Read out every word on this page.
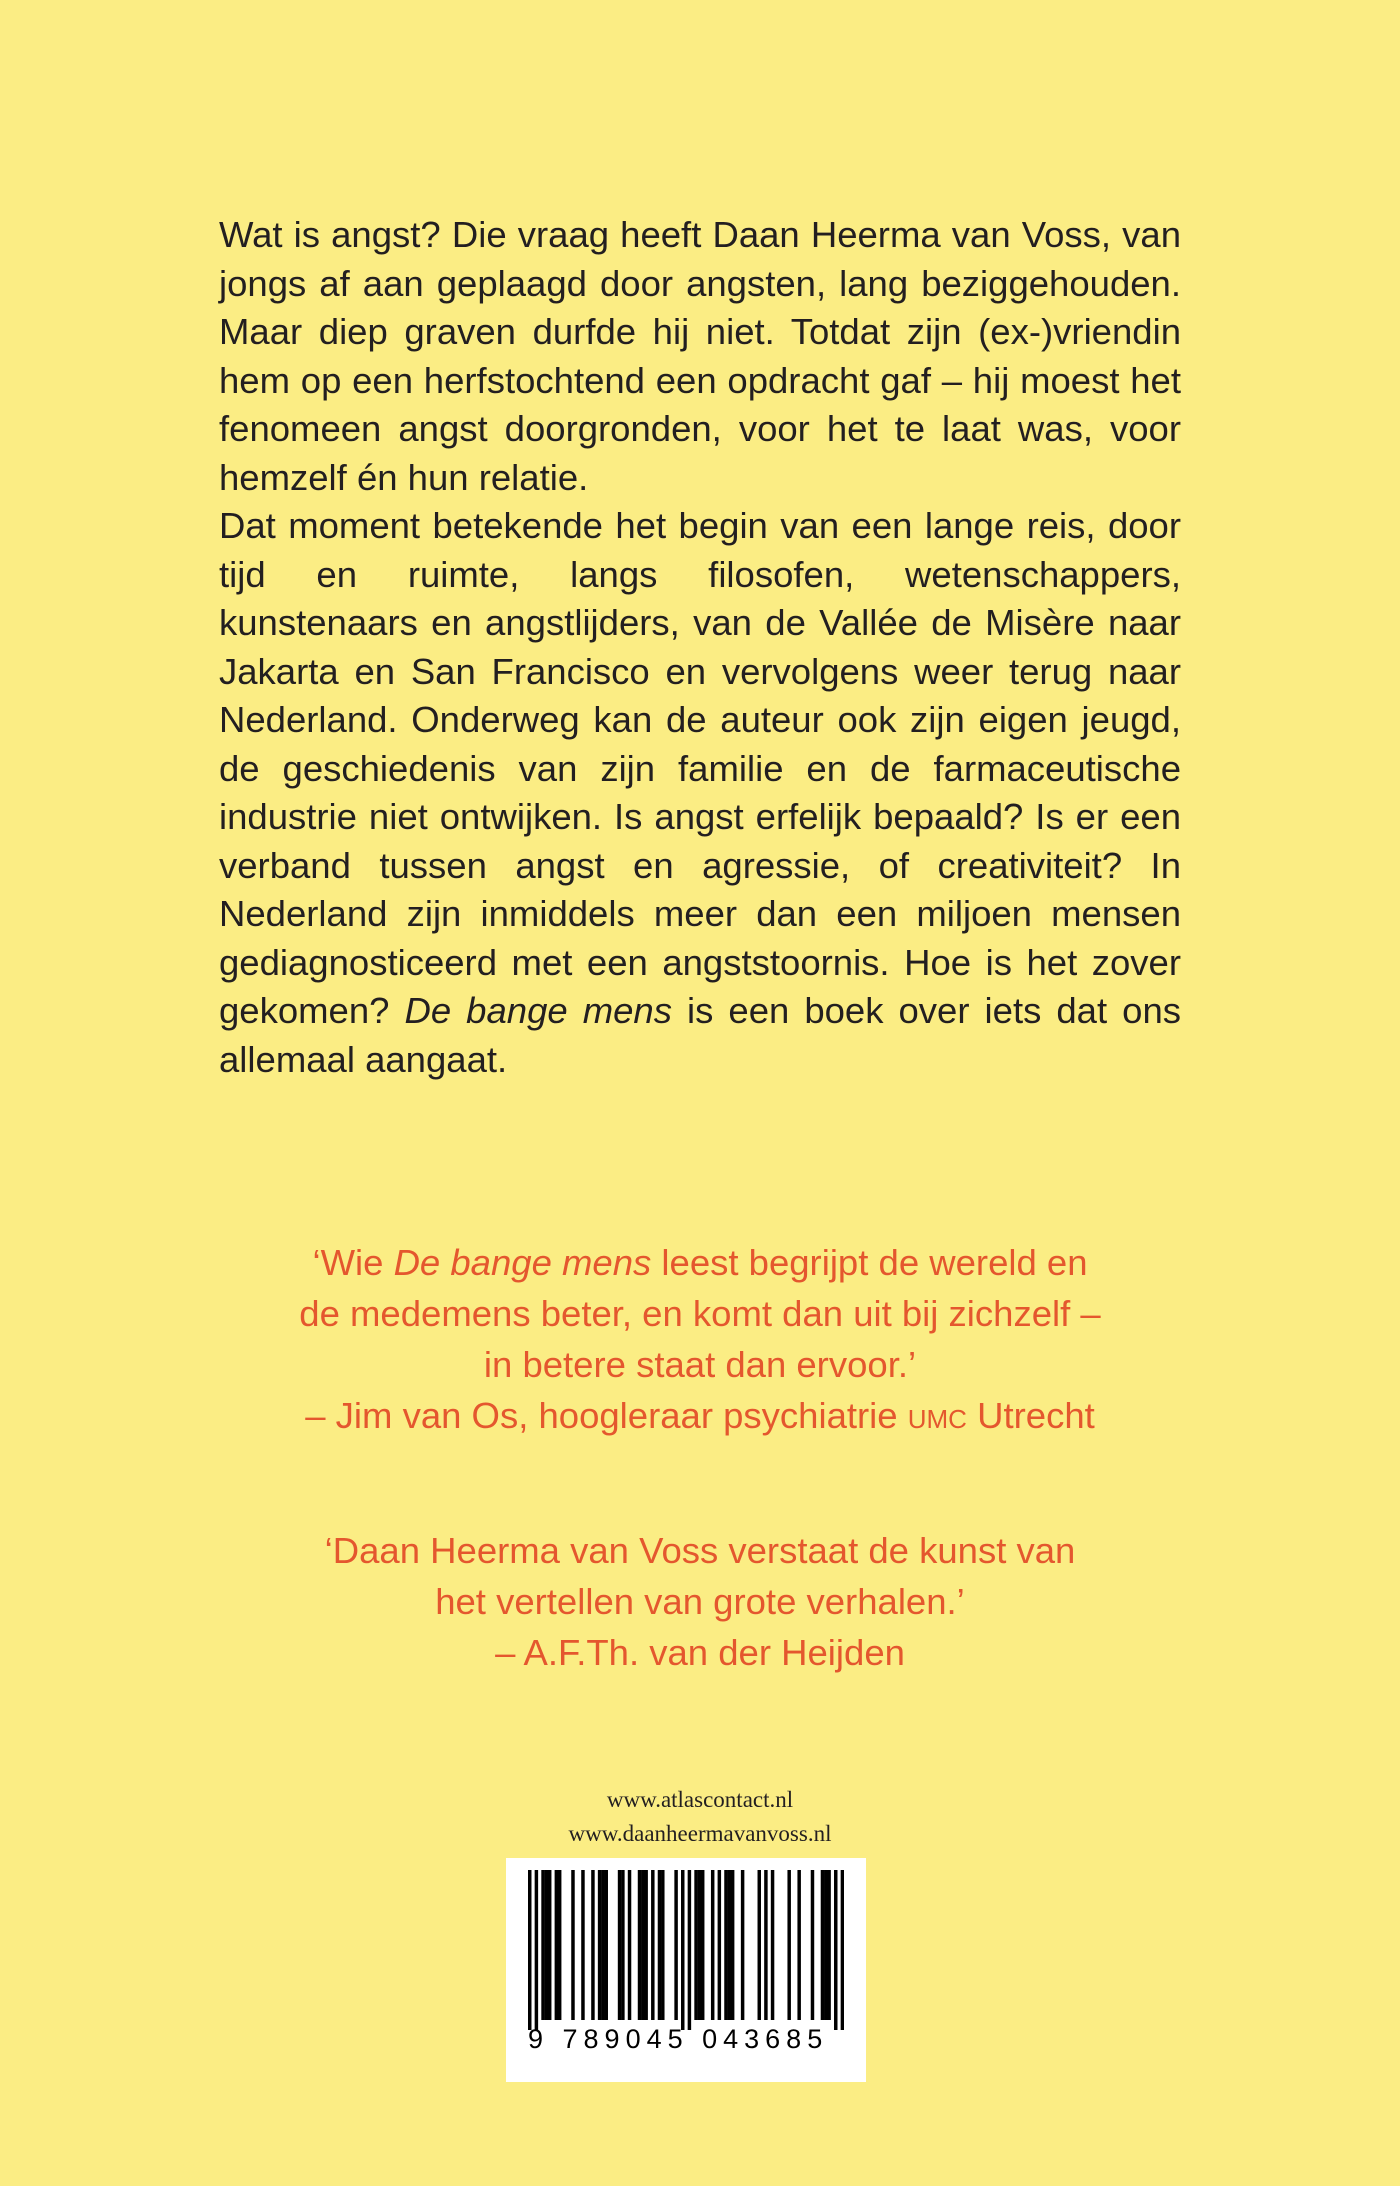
Wat is angst? Die vraag heeft Daan Heerma van Voss, van jongs af aan geplaagd door angsten, lang beziggehouden. Maar diep graven durfde hij niet. Totdat zijn (ex-)vriendin hem op een herfstochtend een opdracht gaf – hij moest het fenomeen angst doorgronden, voor het te laat was, voor hemzelf én hun relatie.

Dat moment betekende het begin van een lange reis, door tijd en ruimte, langs filosofen, wetenschappers, kunstenaars en angstlijders, van de Vallée de Misère naar Jakarta en San Francisco en vervolgens weer terug naar Nederland. Onderweg kan de auteur ook zijn eigen jeugd, de geschiedenis van zijn familie en de farmaceutische industrie niet ontwijken. Is angst erfelijk bepaald? Is er een verband tussen angst en agressie, of creativiteit? In Nederland zijn inmiddels meer dan een miljoen mensen gediagnosticeerd met een angststoornis. Hoe is het zover gekomen? De bange mens is een boek over iets dat ons allemaal aangaat.

‘Wie De bange mens leest begrijpt de wereld en
de medemens beter, en komt dan uit bij zichzelf –
in betere staat dan ervoor.’
– Jim van Os, hoogleraar psychiatrie umc Utrecht
‘Daan Heerma van Voss verstaat de kunst van
het vertellen van grote verhalen.’
– A.F.Th. van der Heijden
www.atlascontact.nl
www.daanheermavanvoss.nl
9 789045 043685
